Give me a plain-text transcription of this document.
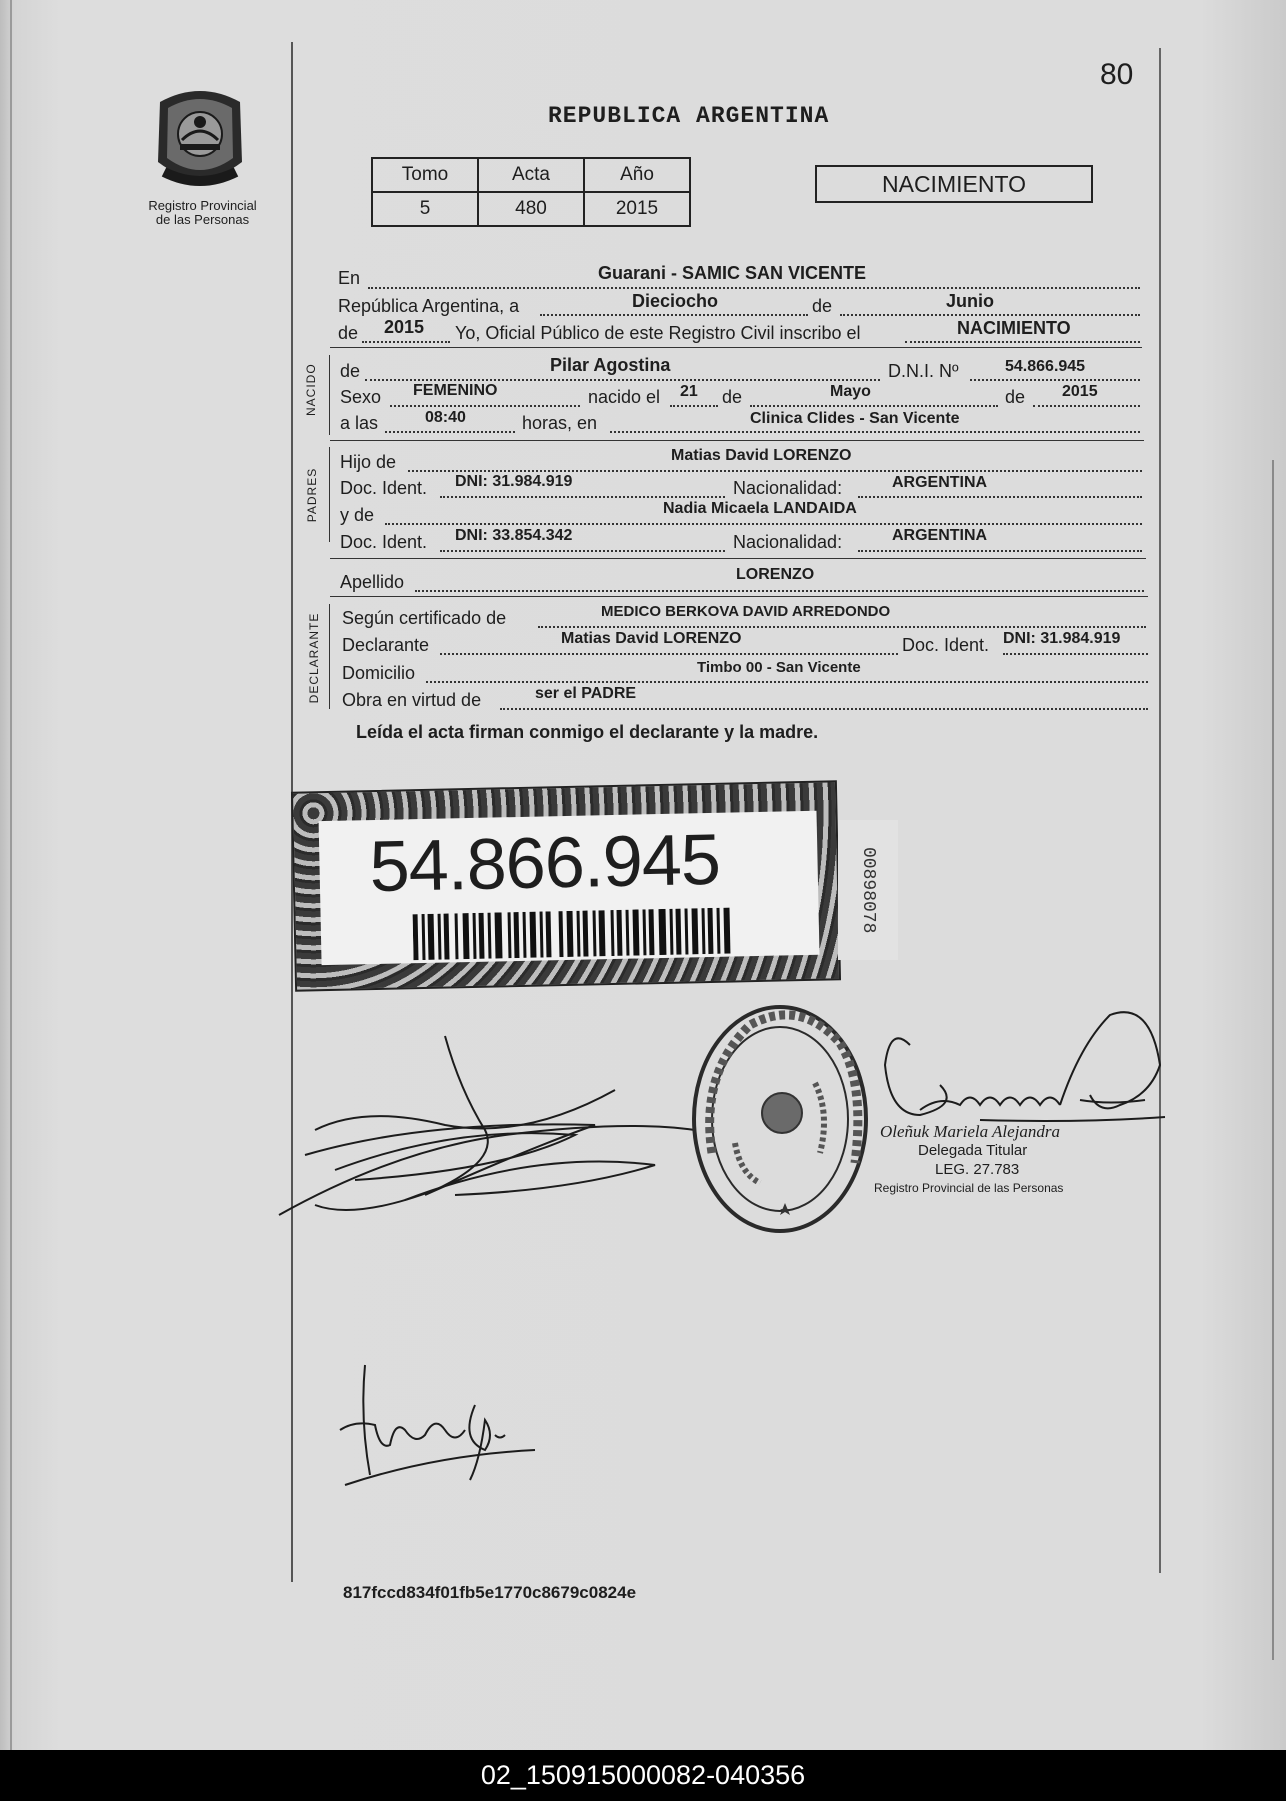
80
Registro Provincial
de las Personas
REPUBLICA ARGENTINA
Tomo	Acta	Año
5	480	2015
NACIMIENTO
En	Guarani - SAMIC SAN VICENTE
República Argentina, a	Dieciocho	de	Junio
de 2015 Yo, Oficial Público de este Registro Civil inscribo el	NACIMIENTO
NACIDO de	Pilar Agostina	D.N.I. Nº	54.866.945
Sexo FEMENINO	nacido el 21 de	Mayo	de 2015
a las	08:40	horas, en	Clinica Clides - San Vicente
PADRES
Hijo de	Matias David LORENZO
Doc. Ident. DNI: 31.984.919	Nacionalidad:	ARGENTINA
y de	Nadia Micaela LANDAIDA
Doc. Ident. DNI: 33.854.342	Nacionalidad:	ARGENTINA
Apellido	LORENZO
DECLARANTE Según certificado de	MEDICO BERKOVA DAVID ARREDONDO
Declarante	Matias David LORENZO	Doc. Ident. DNI: 31.984.919
Domicilio	Timbo 00 - San Vicente
Obra en virtud de	ser el PADRE
Leída el acta firman conmigo el declarante y la madre.
54.866.945	00898078
Oleñuk Mariela Alejandra
Delegada Titular
LEG. 27.783
Registro Provincial de las Personas
817fccd834f01fb5e1770c8679c0824e
02_150915000082-040356
